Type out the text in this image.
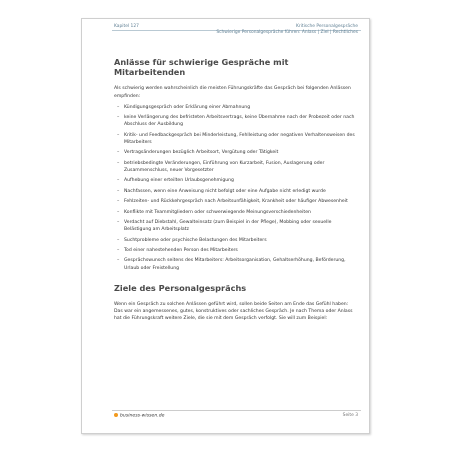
Kapitel 127	Kritische Personalgespräche
Schwierige Personalgespräche führen: Anlass | Ziel | Rechtliches
Anlässe für schwierige Gespräche mit Mitarbeitenden

Als schwierig werden wahrscheinlich die meisten Führungskräfte das Gespräch bei folgenden Anlässen empfinden:

– Kündigungsgespräch oder Erklärung einer Abmahnung
– keine Verlängerung des befristeten Arbeitsvertrags, keine Übernahme nach der Probezeit oder nach Abschluss der Ausbildung
– Kritik- und Feedbackgespräch bei Minderleistung, Fehlleistung oder negativen Verhaltensweisen des Mitarbeiters
– Vertragsänderungen bezüglich Arbeitsort, Vergütung oder Tätigkeit
– betriebsbedingte Veränderungen, Einführung von Kurzarbeit, Fusion, Auslagerung oder Zusammenschluss, neuer Vorgesetzter
– Aufhebung einer erteilten Urlaubsgenehmigung
– Nachfassen, wenn eine Anweisung nicht befolgt oder eine Aufgabe nicht erledigt wurde
– Fehlzeiten- und Rückkehrgespräch nach Arbeitsunfähigkeit, Krankheit oder häufiger Abwesenheit
– Konflikte mit Teammitgliedern oder schwerwiegende Meinungsverschiedenheiten
– Verdacht auf Diebstahl, Gewalteinsatz (zum Beispiel in der Pflege), Mobbing oder sexuelle Belästigung am Arbeitsplatz
– Suchtprobleme oder psychische Belastungen des Mitarbeiters
– Tod einer nahestehenden Person des Mitarbeiters
– Gesprächswunsch seitens des Mitarbeiters: Arbeitsorganisation, Gehaltserhöhung, Beförderung, Urlaub oder Freistellung
Ziele des Personalgesprächs

Wenn ein Gespräch zu solchen Anlässen geführt wird, sollen beide Seiten am Ende das Gefühl haben: Das war ein angemessenes, gutes, konstruktives oder sachliches Gespräch. Je nach Thema oder Anlass hat die Führungskraft weitere Ziele, die sie mit dem Gespräch verfolgt. Sie will zum Beispiel:

business-wissen.de	Seite 3
